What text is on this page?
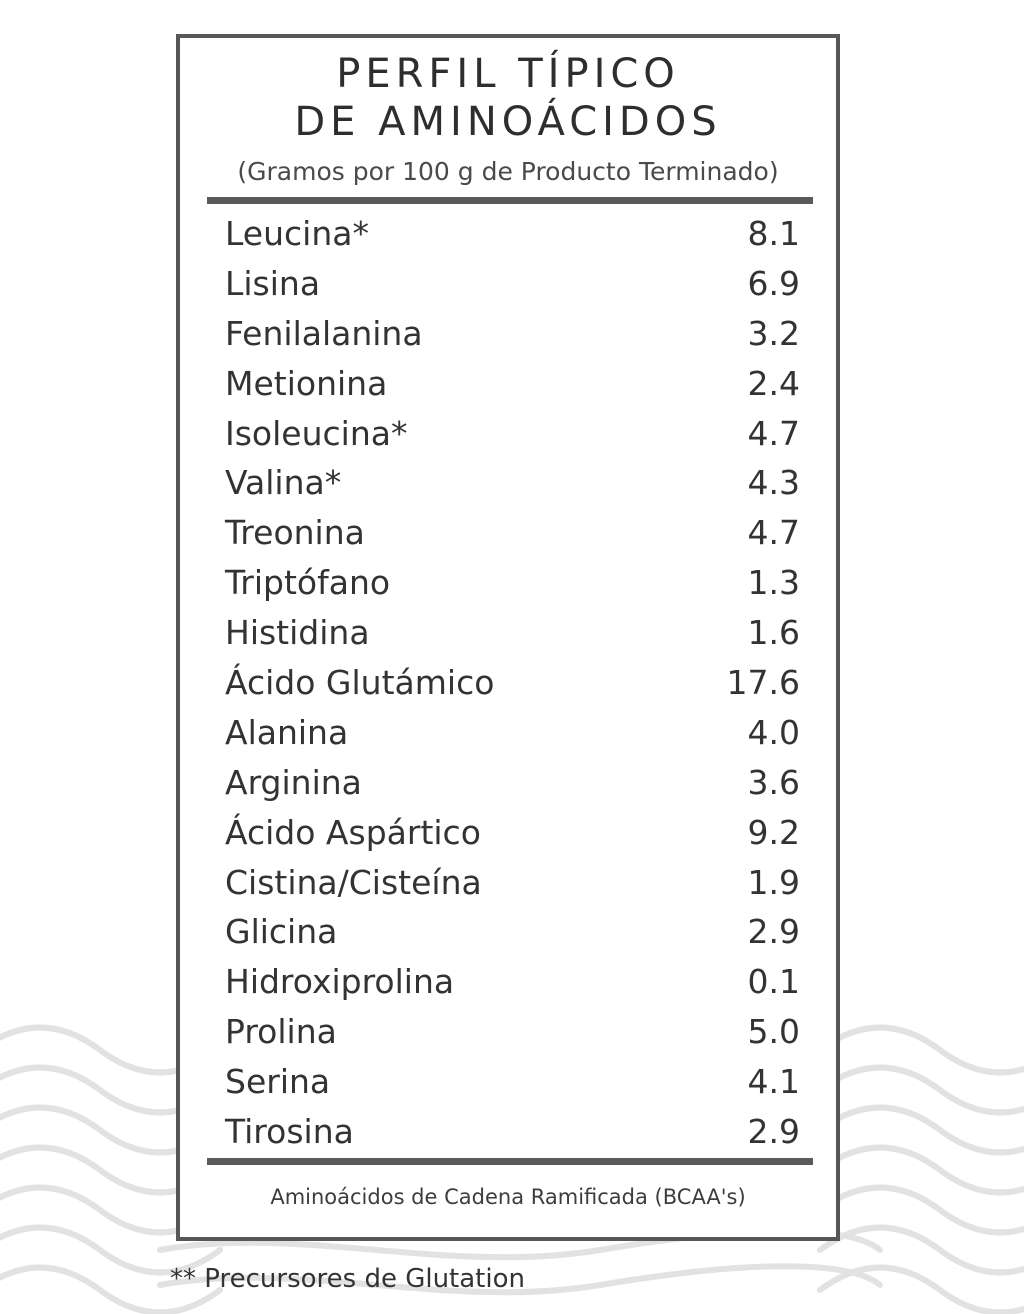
PERFIL TÍPICO
DE AMINOÁCIDOS
(Gramos por 100 g de Producto Terminado)
Leucina*	8.1
Lisina	6.9
Fenilalanina	3.2
Metionina	2.4
Isoleucina*	4.7
Valina*	4.3
Treonina	4.7
Triptófano	1.3
Histidina	1.6
Ácido Glutámico	17.6
Alanina	4.0
Arginina	3.6
Ácido Aspártico	9.2
Cistina/Cisteína	1.9
Glicina	2.9
Hidroxiprolina	0.1
Prolina	5.0
Serina	4.1
Tirosina	2.9
Aminoácidos de Cadena Ramificada (BCAA's)
** Precursores de Glutation
